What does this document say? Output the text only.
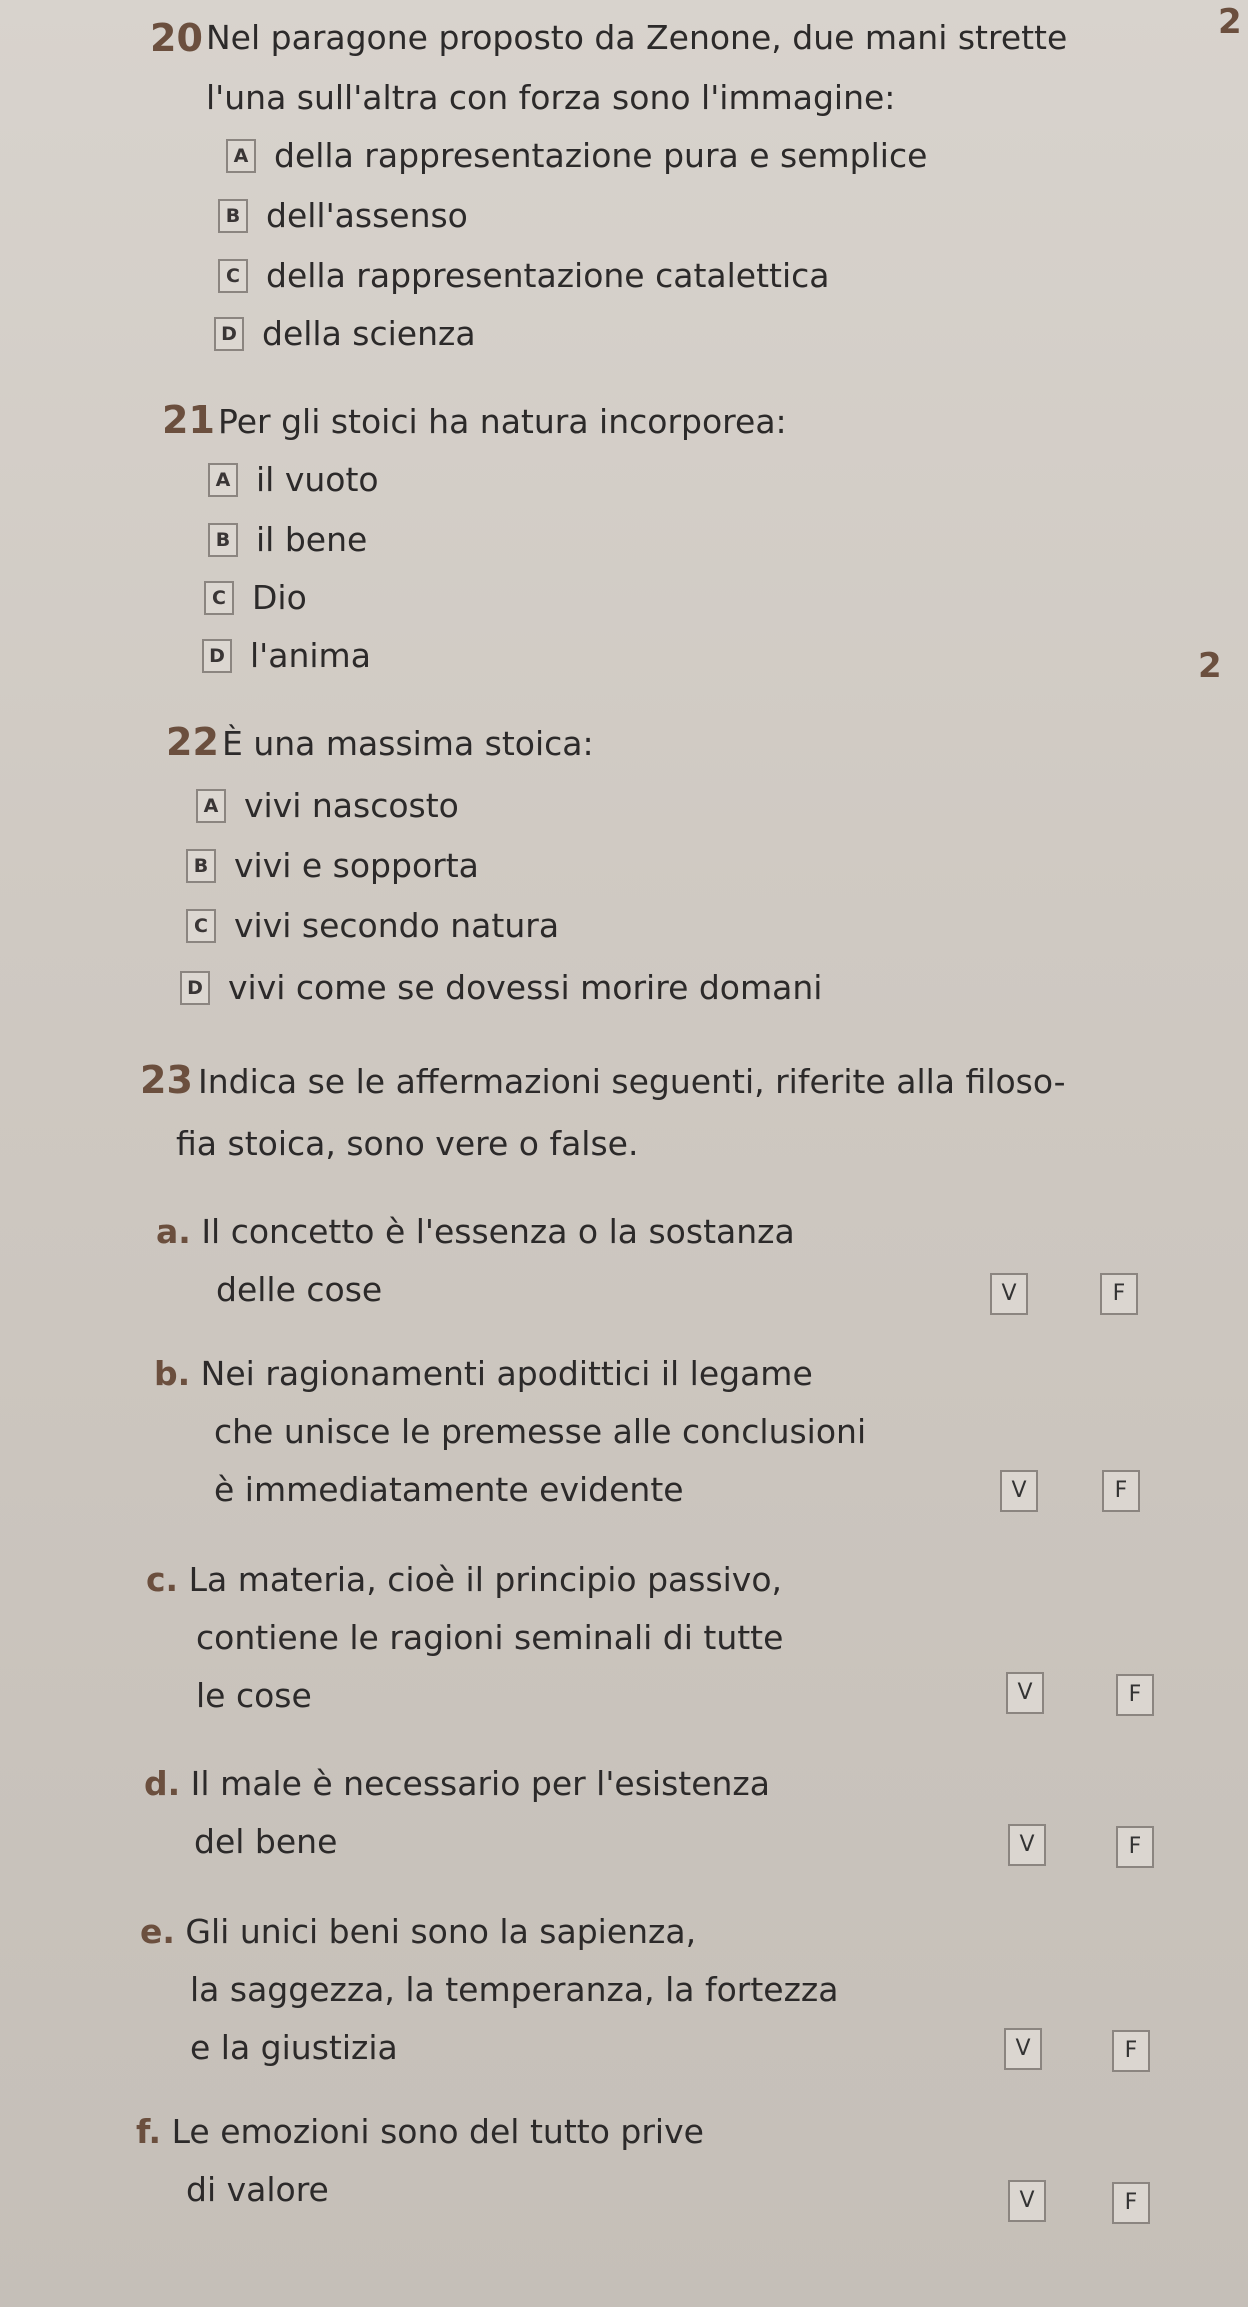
2
2
20 Nel paragone proposto da Zenone, due mani strette
l'una sull'altra con forza sono l'immagine:
A della rappresentazione pura e semplice
B dell'assenso
C della rappresentazione catalettica
D della scienza
21 Per gli stoici ha natura incorporea:
A il vuoto
B il bene
C Dio
D l'anima
22 È una massima stoica:
A vivi nascosto
B vivi e sopporta
C vivi secondo natura
D vivi come se dovessi morire domani
23 Indica se le affermazioni seguenti, riferite alla filoso-
fia stoica, sono vere o false.
a. Il concetto è l'essenza o la sostanza
delle cose	V	F
b. Nei ragionamenti apodittici il legame
che unisce le premesse alle conclusioni
è immediatamente evidente	V	F
c. La materia, cioè il principio passivo,
contiene le ragioni seminali di tutte
le cose	V	F
d. Il male è necessario per l'esistenza
del bene	V	F
e. Gli unici beni sono la sapienza,
la saggezza, la temperanza, la fortezza
e la giustizia	V	F
f. Le emozioni sono del tutto prive
di valore	V	F
